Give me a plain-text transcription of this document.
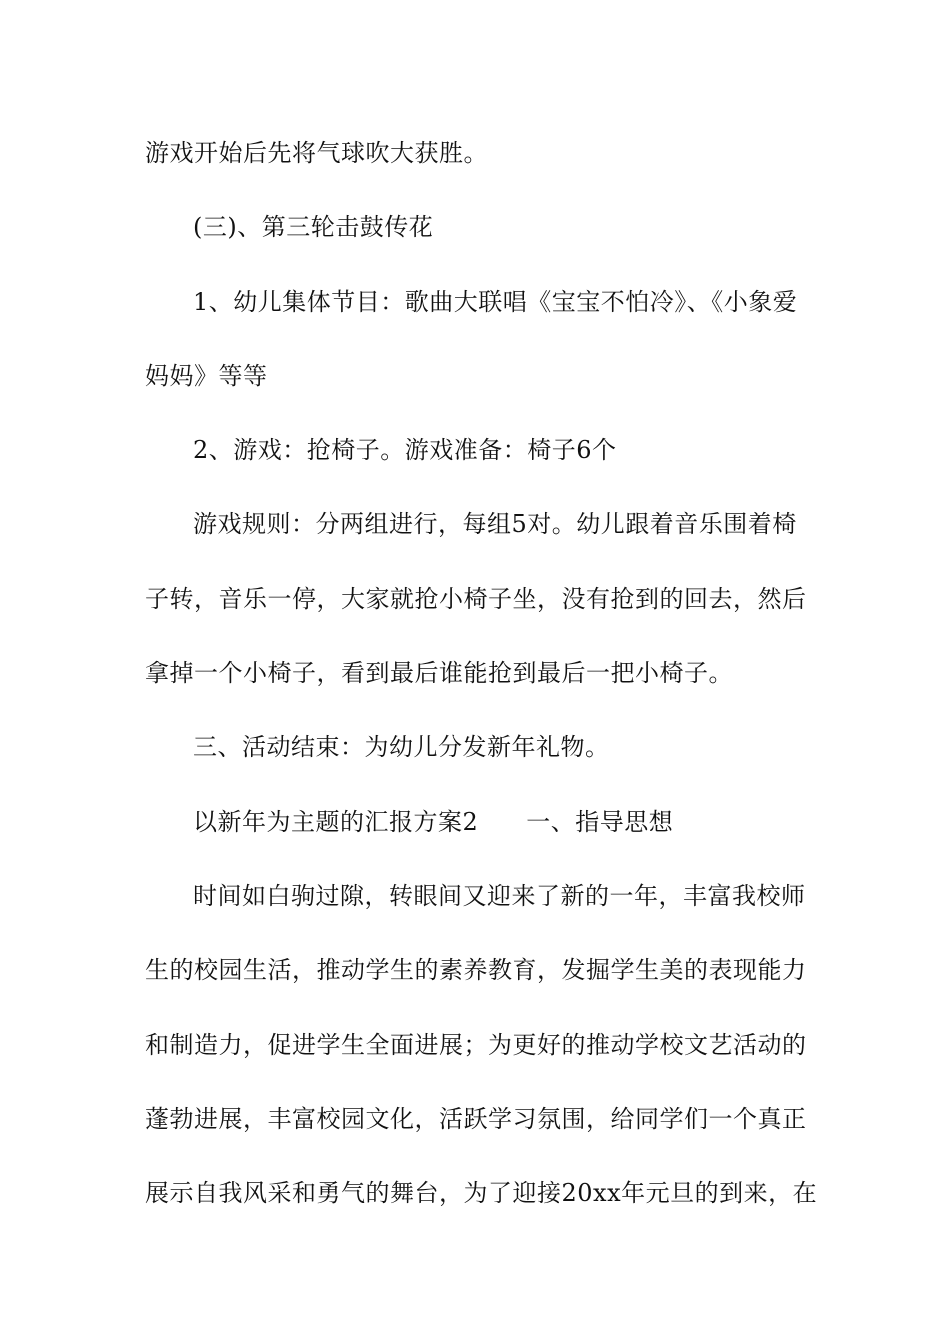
游戏开始后先将气球吹大获胜。
(三)、第三轮击鼓传花
1、幼儿集体节目：歌曲大联唱《宝宝不怕冷》、《小象爱
妈妈》等等
2、游戏：抢椅子。游戏准备：椅子6个
游戏规则：分两组进行，每组5对。幼儿跟着音乐围着椅
子转，音乐一停，大家就抢小椅子坐，没有抢到的回去，然后
拿掉一个小椅子，看到最后谁能抢到最后一把小椅子。
三、活动结束：为幼儿分发新年礼物。
以新年为主题的汇报方案2 一、指导思想
时间如白驹过隙，转眼间又迎来了新的一年，丰富我校师
生的校园生活，推动学生的素养教育，发掘学生美的表现能力
和制造力，促进学生全面进展；为更好的推动学校文艺活动的
蓬勃进展，丰富校园文化，活跃学习氛围，给同学们一个真正
展示自我风采和勇气的舞台，为了迎接20xx年元旦的到来，在
